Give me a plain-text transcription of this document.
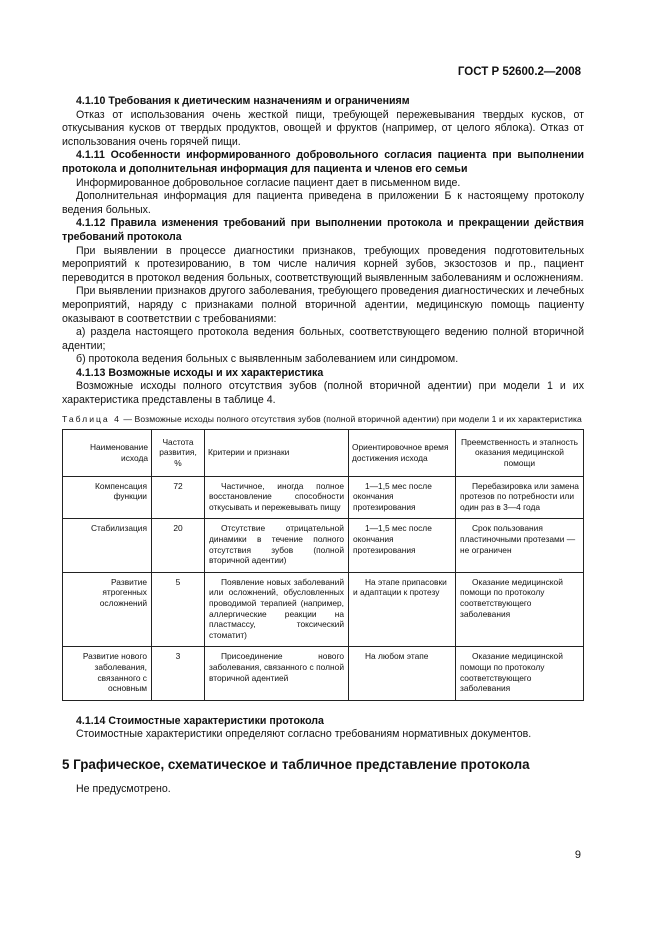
ГОСТ Р 52600.2—2008

4.1.10 Требования к диетическим назначениям и ограничениям

Отказ от использования очень жесткой пищи, требующей пережевывания твердых кусков, от откусывания кусков от твердых продуктов, овощей и фруктов (например, от целого яблока). Отказ от использования очень горячей пищи.

4.1.11 Особенности информированного добровольного согласия пациента при выполнении протокола и дополнительная информация для пациента и членов его семьи

Информированное добровольное согласие пациент дает в письменном виде.

Дополнительная информация для пациента приведена в приложении Б к настоящему протоколу ведения больных.

4.1.12 Правила изменения требований при выполнении протокола и прекращении действия требований протокола

При выявлении в процессе диагностики признаков, требующих проведения подготовительных мероприятий к протезированию, в том числе наличия корней зубов, экзостозов и пр., пациент переводится в протокол ведения больных, соответствующий выявленным заболеваниям и осложнениям.

При выявлении признаков другого заболевания, требующего проведения диагностических и лечебных мероприятий, наряду с признаками полной вторичной адентии, медицинскую помощь пациенту оказывают в соответствии с требованиями:

а) раздела настоящего протокола ведения больных, соответствующего ведению полной вторичной адентии;

б) протокола ведения больных с выявленным заболеванием или синдромом.

4.1.13 Возможные исходы и их характеристика

Возможные исходы полного отсутствия зубов (полной вторичной адентии) при модели 1 и их характеристика представлены в таблице 4.

Таблица 4 — Возможные исходы полного отсутствия зубов (полной вторичной адентии) при модели 1 и их характеристика

Наименование исхода	Частота развития, %	Критерии и признаки	Ориентировочное время достижения исхода	Преемственность и этапность оказания медицинской помощи
Компенсация функции	72	Частичное, иногда полное восстановление способности откусывать и пережевывать пищу	1—1,5 мес после окончания протезирования	Перебазировка или замена протезов по потребности или один раз в 3—4 года

Стабилизация	20	Отсутствие отрицательной динамики в течение полного отсутствия зубов (полной вторичной адентии)	1—1,5 мес после окончания протезирования	Срок пользования пластиночными протезами — не ограничен

Развитие ятрогенных осложнений	5	Появление новых заболеваний или осложнений, обусловленных проводимой терапией (например, аллергические реакции на пластмассу, токсический стоматит)	На этапе припасовки и адаптации к протезу	Оказание медицинской помощи по протоколу соответствующего заболевания

Развитие нового заболевания, связанного с основным	3	Присоединение нового заболевания, связанного с полной вторичной адентией	На любом этапе	Оказание медицинской помощи по протоколу соответствующего заболевания

4.1.14 Стоимостные характеристики протокола

Стоимостные характеристики определяют согласно требованиям нормативных документов.

5 Графическое, схематическое и табличное представление протокола

Не предусмотрено.

9
